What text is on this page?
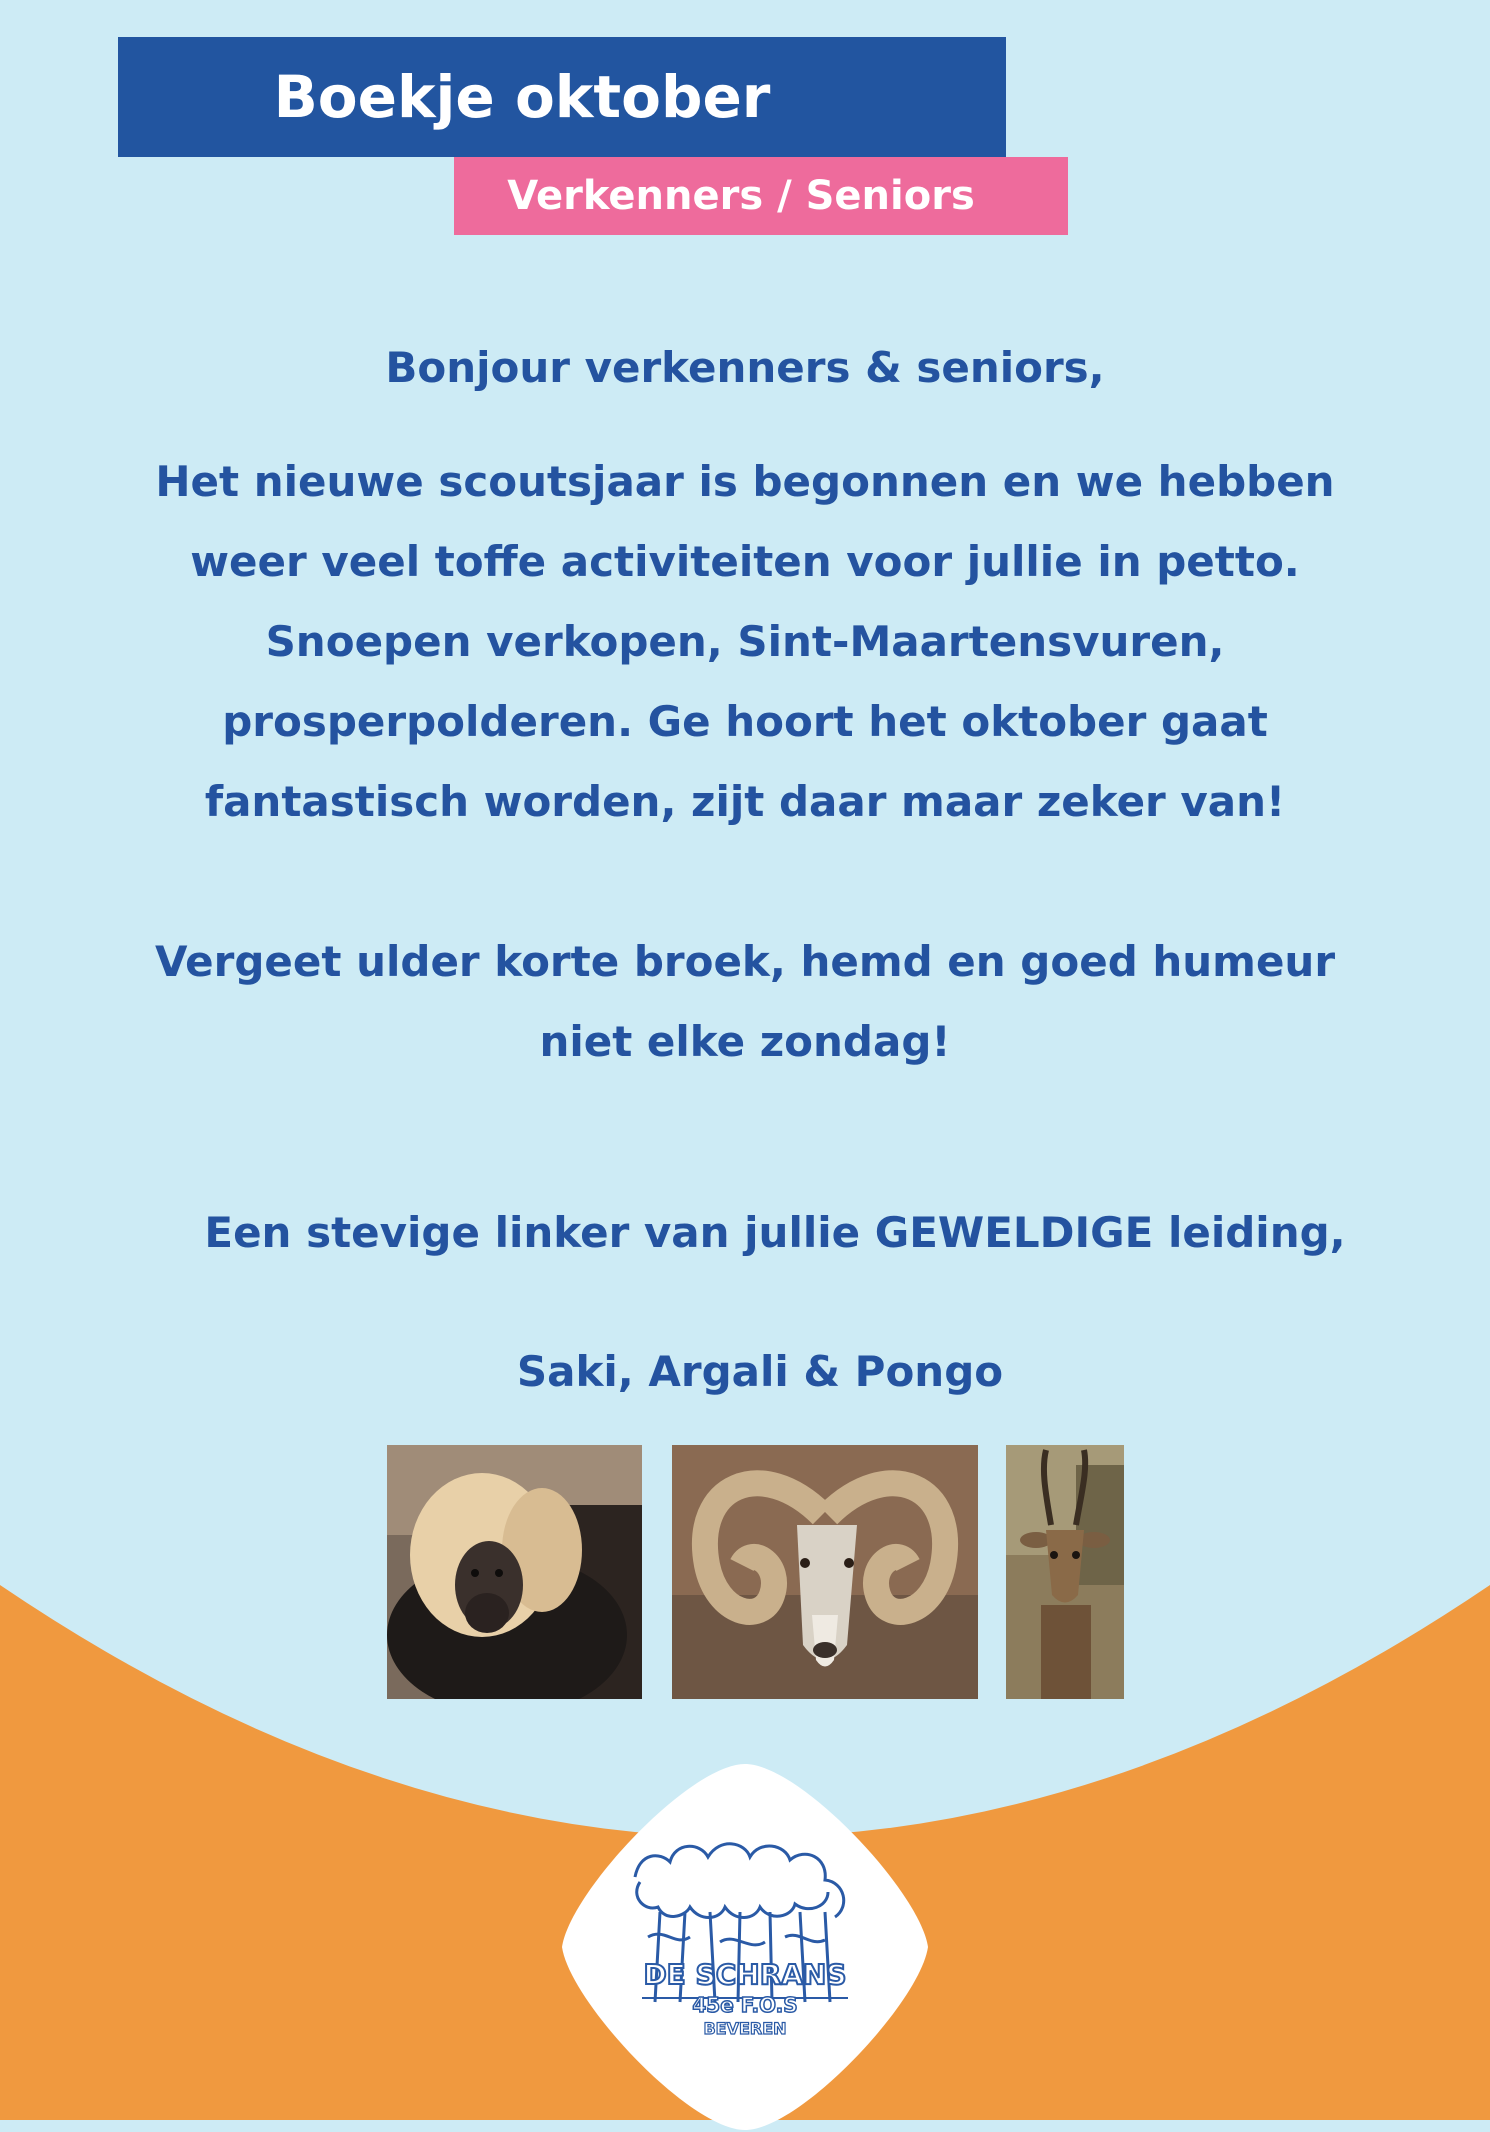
Boekje oktober
Verkenners / Seniors
Bonjour verkenners & seniors,
Het nieuwe scoutsjaar is begonnen en we hebben
weer veel toffe activiteiten voor jullie in petto.
Snoepen verkopen, Sint-Maartensvuren,
prosperpolderen. Ge hoort het oktober gaat
fantastisch worden, zijt daar maar zeker van!
Vergeet ulder korte broek, hemd en goed humeur
niet elke zondag!
Een stevige linker van jullie GEWELDIGE leiding,
Saki, Argali & Pongo
DE SCHRANS
45e F.O.S
BEVEREN
